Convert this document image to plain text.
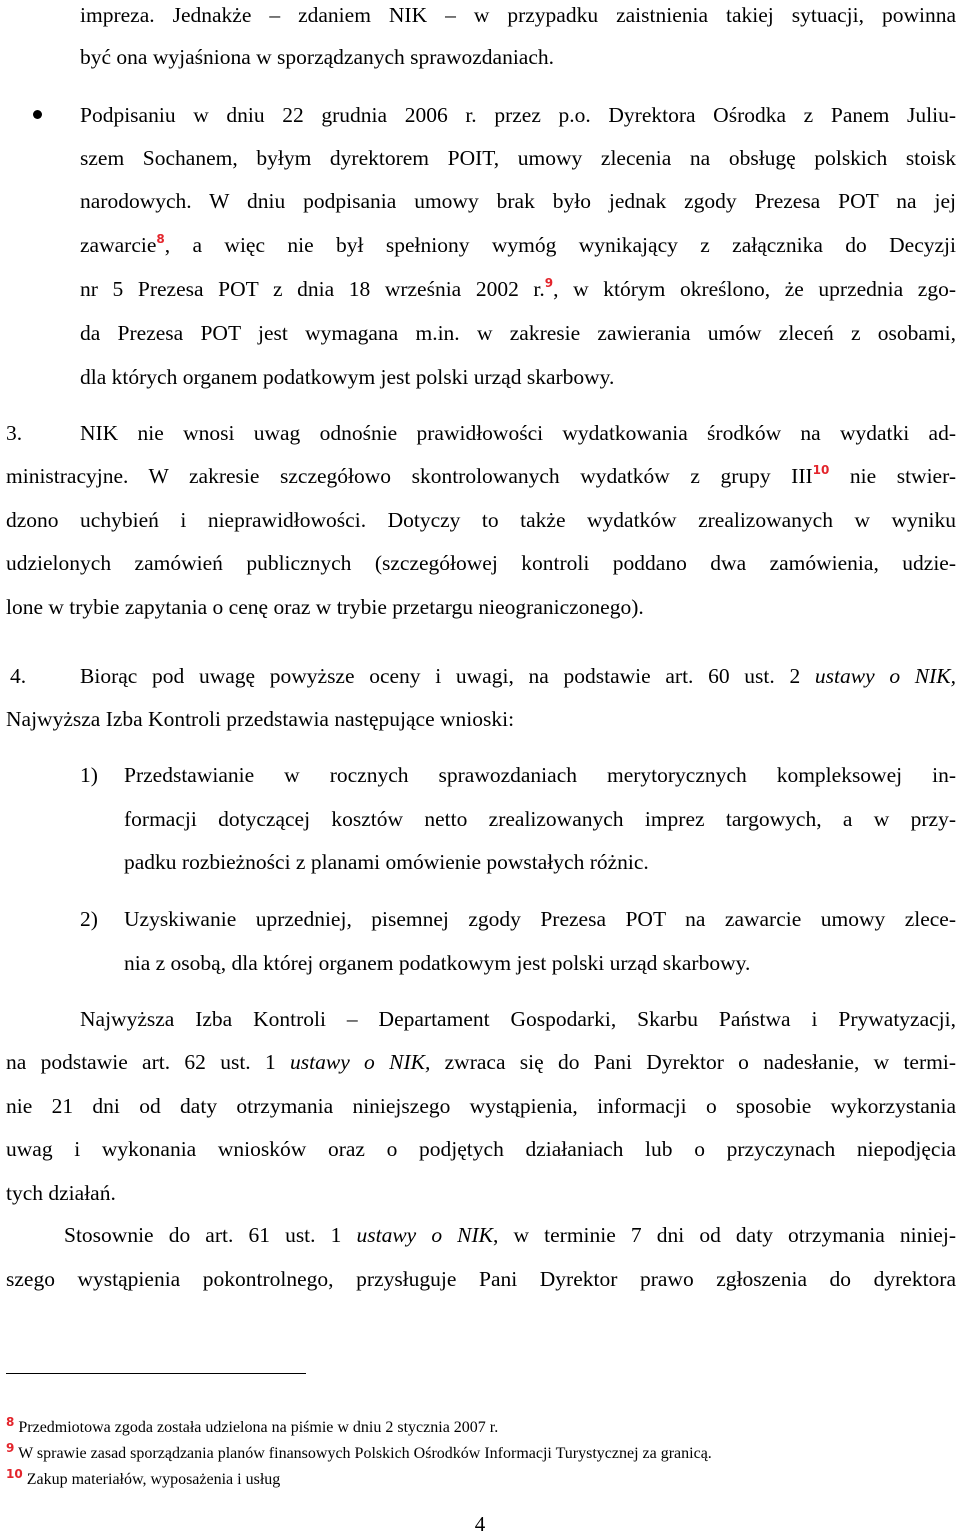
impreza. Jednakże – zdaniem NIK – w przypadku zaistnienia takiej sytuacji, powinna
być ona wyjaśniona w sporządzanych sprawozdaniach.
Podpisaniu w dniu 22 grudnia 2006 r. przez p.o. Dyrektora Ośrodka z Panem Juliu-
szem Sochanem, byłym dyrektorem POIT, umowy zlecenia na obsługę polskich stoisk
narodowych. W dniu podpisania umowy brak było jednak zgody Prezesa POT na jej
zawarcie$^8$, a więc nie był spełniony wymóg wynikający z załącznika do Decyzji
nr 5 Prezesa POT z dnia 18 września 2002 r.$^9$, w którym określono, że uprzednia zgo-
da Prezesa POT jest wymagana m.in. w zakresie zawierania umów zleceń z osobami,
dla których organem podatkowym jest polski urząd skarbowy.
3.	NIK nie wnosi uwag odnośnie prawidłowości wydatkowania środków na wydatki ad-
ministracyjne. W zakresie szczegółowo skontrolowanych wydatków z grupy III$^{10}$ nie stwier-
dzono uchybień i nieprawidłowości. Dotyczy to także wydatków zrealizowanych w wyniku
udzielonych zamówień publicznych (szczegółowej kontroli poddano dwa zamówienia, udzie-
lone w trybie zapytania o cenę oraz w trybie przetargu nieograniczonego).
4.	Biorąc pod uwagę powyższe oceny i uwagi, na podstawie art. 60 ust. 2 ustawy o NIK,
Najwyższa Izba Kontroli przedstawia następujące wnioski:
1)	Przedstawianie w rocznych sprawozdaniach merytorycznych kompleksowej in-
formacji dotyczącej kosztów netto zrealizowanych imprez targowych, a w przy-
padku rozbieżności z planami omówienie powstałych różnic.
2)	Uzyskiwanie uprzedniej, pisemnej zgody Prezesa POT na zawarcie umowy zlece-
nia z osobą, dla której organem podatkowym jest polski urząd skarbowy.
Najwyższa Izba Kontroli – Departament Gospodarki, Skarbu Państwa i Prywatyzacji,
na podstawie art. 62 ust. 1 ustawy o NIK, zwraca się do Pani Dyrektor o nadesłanie, w termi-
nie 21 dni od daty otrzymania niniejszego wystąpienia, informacji o sposobie wykorzystania
uwag i wykonania wniosków oraz o podjętych działaniach lub o przyczynach niepodjęcia
tych działań.
Stosownie do art. 61 ust. 1 ustawy o NIK, w terminie 7 dni od daty otrzymania niniej-
szego wystąpienia pokontrolnego, przysługuje Pani Dyrektor prawo zgłoszenia do dyrektora
$^8$ Przedmiotowa zgoda została udzielona na piśmie w dniu 2 stycznia 2007 r.
$^9$ W sprawie zasad sporządzania planów finansowych Polskich Ośrodków Informacji Turystycznej za granicą.
$^{10}$ Zakup materiałów, wyposażenia i usług
4
